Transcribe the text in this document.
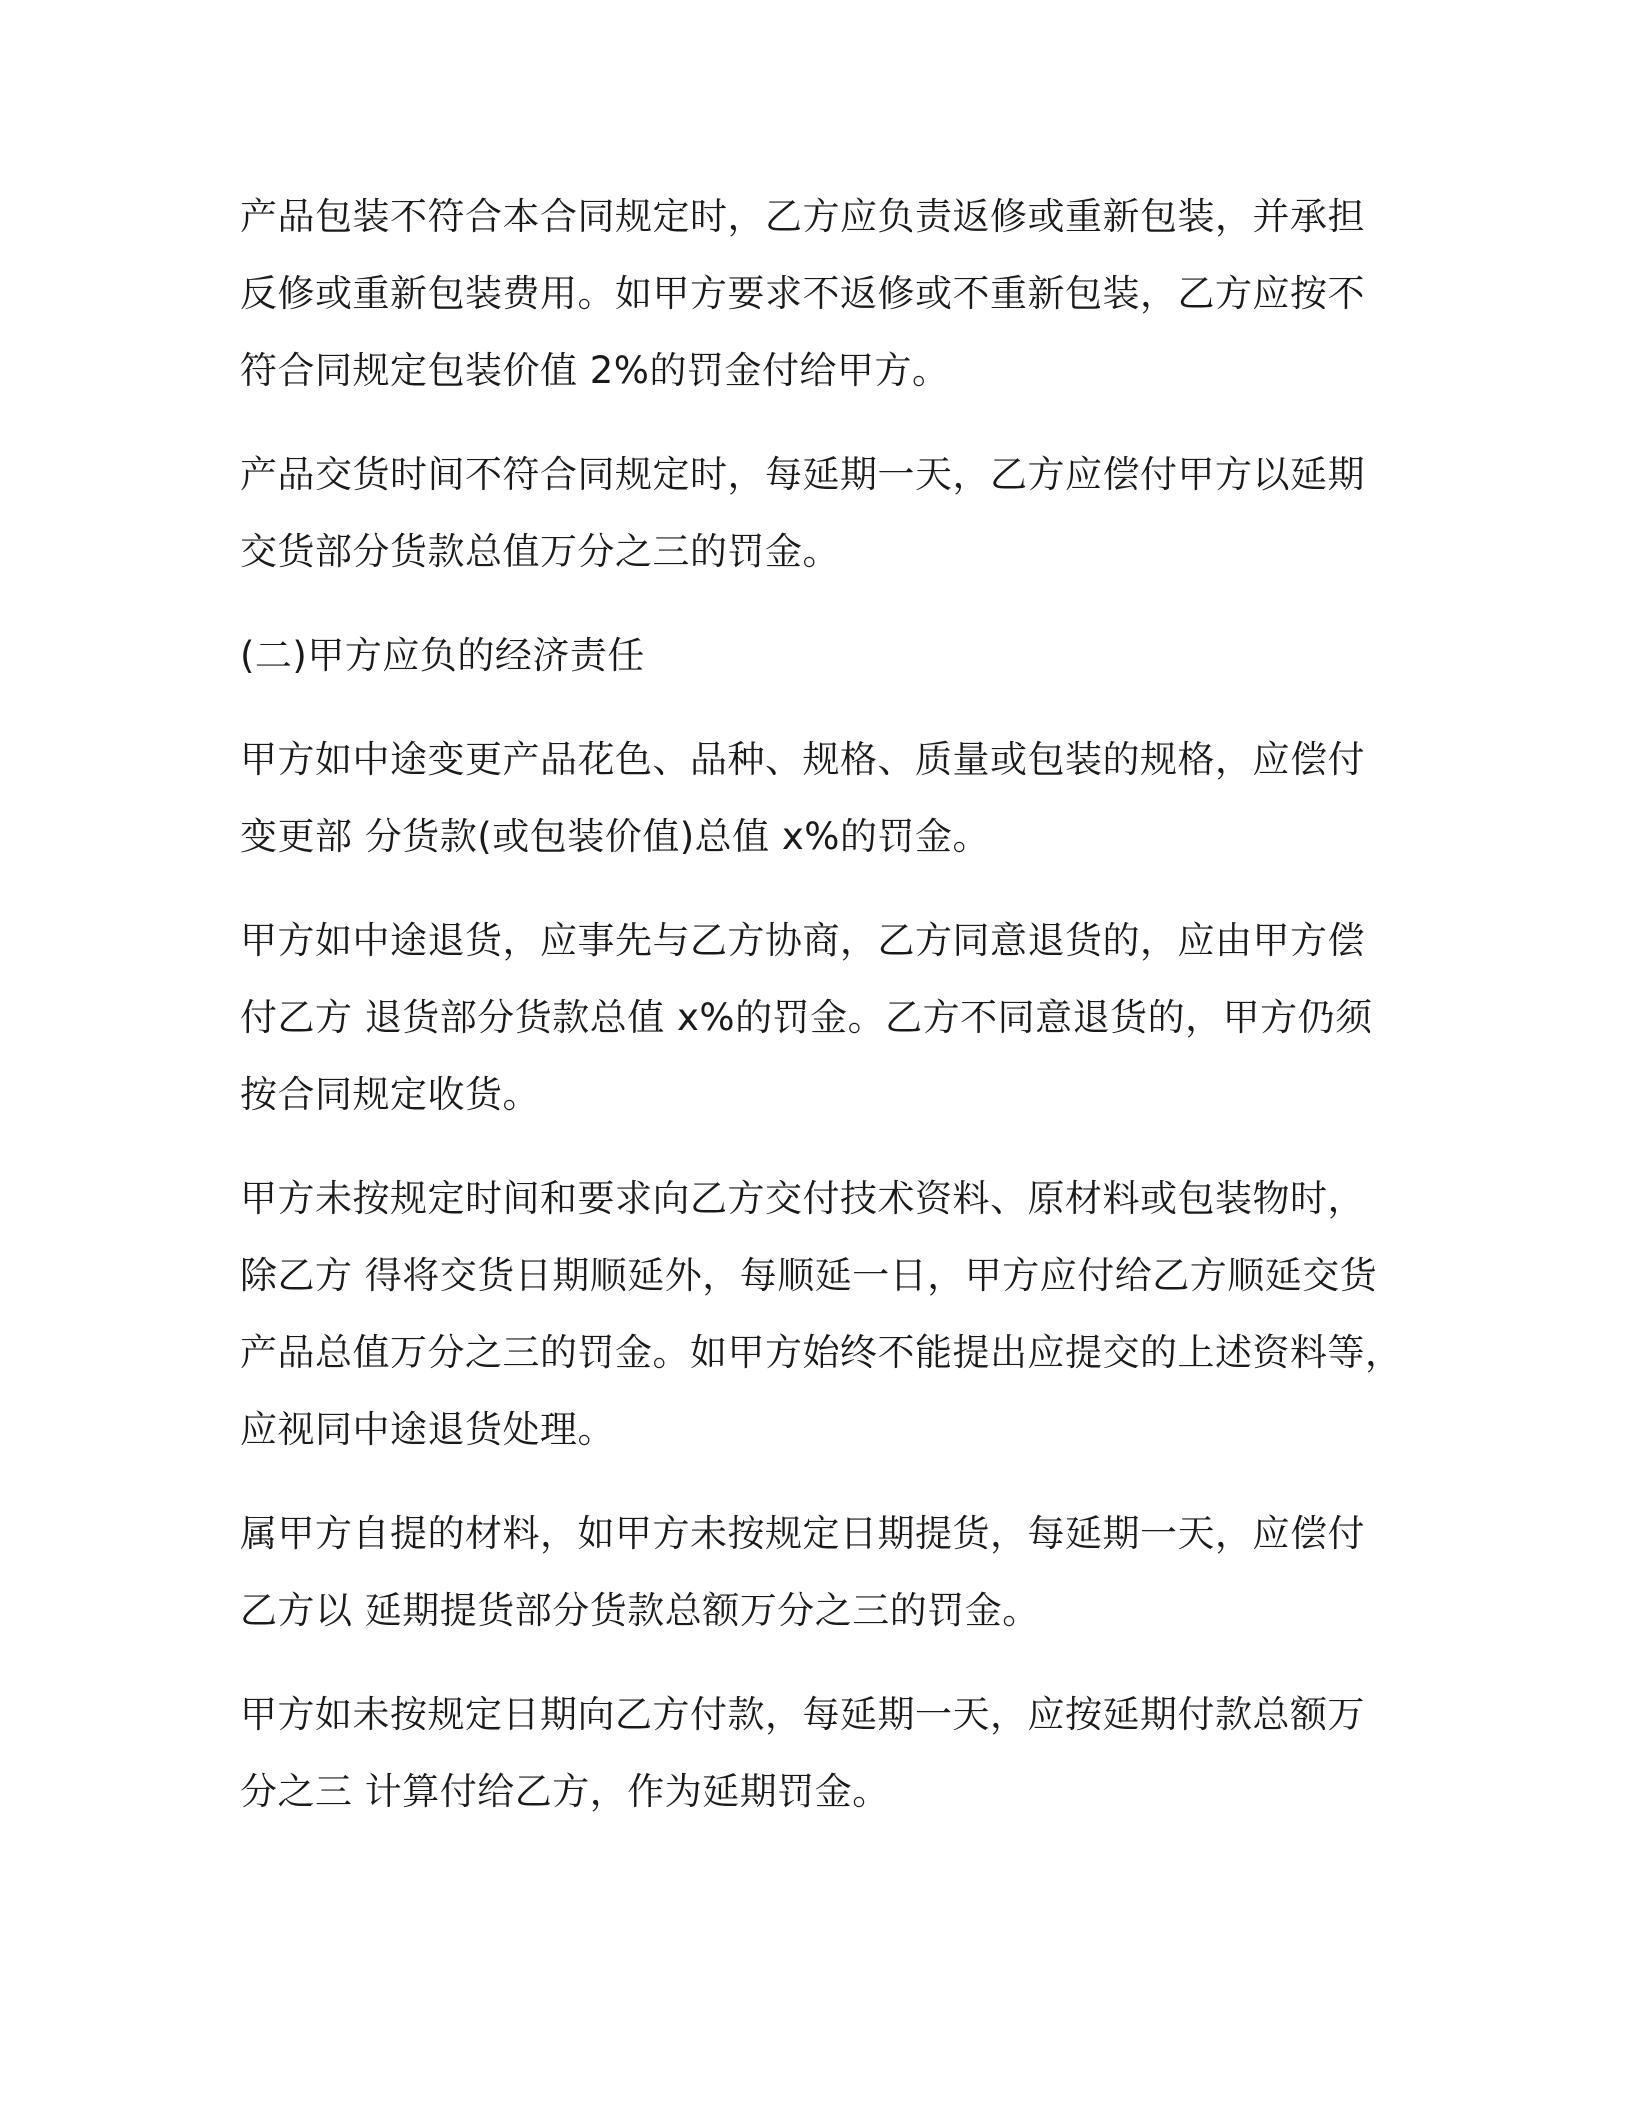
产品包装不符合本合同规定时，乙方应负责返修或重新包装，并承担
反修或重新包装费用。如甲方要求不返修或不重新包装，乙方应按不
符合同规定包装价值 2%的罚金付给甲方。

产品交货时间不符合同规定时，每延期一天，乙方应偿付甲方以延期
交货部分货款总值万分之三的罚金。

(二)甲方应负的经济责任

甲方如中途变更产品花色、品种、规格、质量或包装的规格，应偿付
变更部 分货款(或包装价值)总值 x%的罚金。

甲方如中途退货，应事先与乙方协商，乙方同意退货的，应由甲方偿
付乙方 退货部分货款总值 x%的罚金。乙方不同意退货的，甲方仍须
按合同规定收货。

甲方未按规定时间和要求向乙方交付技术资料、原材料或包装物时，
除乙方 得将交货日期顺延外，每顺延一日，甲方应付给乙方顺延交货
产品总值万分之三的罚金。如甲方始终不能提出应提交的上述资料等，
应视同中途退货处理。

属甲方自提的材料，如甲方未按规定日期提货，每延期一天，应偿付
乙方以 延期提货部分货款总额万分之三的罚金。

甲方如未按规定日期向乙方付款，每延期一天，应按延期付款总额万
分之三 计算付给乙方，作为延期罚金。
